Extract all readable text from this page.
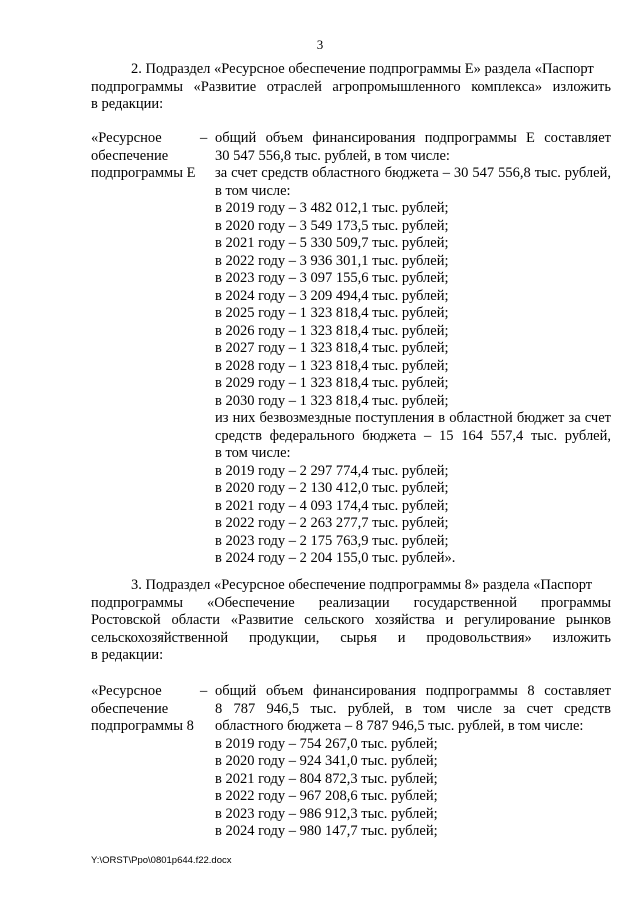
3

2. Подраздел «Ресурсное обеспечение подпрограммы Е» раздела «Паспорт

подпрограммы «Развитие отраслей агропромышленного комплекса» изложить

в редакции:

«Ресурсное
обеспечение
подпрограммы Е
– общий объем финансирования подпрограммы Е составляет
30 547 556,8 тыс. рублей, в том числе:
за счет средств областного бюджета – 30 547 556,8 тыс. рублей,
в том числе:
в 2019 году – 3 482 012,1 тыс. рублей;
в 2020 году – 3 549 173,5 тыс. рублей;
в 2021 году – 5 330 509,7 тыс. рублей;
в 2022 году – 3 936 301,1 тыс. рублей;
в 2023 году – 3 097 155,6 тыс. рублей;
в 2024 году – 3 209 494,4 тыс. рублей;
в 2025 году – 1 323 818,4 тыс. рублей;
в 2026 году – 1 323 818,4 тыс. рублей;
в 2027 году – 1 323 818,4 тыс. рублей;
в 2028 году – 1 323 818,4 тыс. рублей;
в 2029 году – 1 323 818,4 тыс. рублей;
в 2030 году – 1 323 818,4 тыс. рублей;
из них безвозмездные поступления в областной бюджет за счет
средств федерального бюджета – 15 164 557,4 тыс. рублей,
в том числе:
в 2019 году – 2 297 774,4 тыс. рублей;
в 2020 году – 2 130 412,0 тыс. рублей;
в 2021 году – 4 093 174,4 тыс. рублей;
в 2022 году – 2 263 277,7 тыс. рублей;
в 2023 году – 2 175 763,9 тыс. рублей;
в 2024 году – 2 204 155,0 тыс. рублей».

3. Подраздел «Ресурсное обеспечение подпрограммы 8» раздела «Паспорт

подпрограммы «Обеспечение реализации государственной программы

Ростовской области «Развитие сельского хозяйства и регулирование рынков

сельскохозяйственной продукции, сырья и продовольствия» изложить

в редакции:

«Ресурсное
обеспечение
подпрограммы 8
– общий объем финансирования подпрограммы 8 составляет
8 787 946,5 тыс. рублей, в том числе за счет средств
областного бюджета – 8 787 946,5 тыс. рублей, в том числе:
в 2019 году – 754 267,0 тыс. рублей;
в 2020 году – 924 341,0 тыс. рублей;
в 2021 году – 804 872,3 тыс. рублей;
в 2022 году – 967 208,6 тыс. рублей;
в 2023 году – 986 912,3 тыс. рублей;
в 2024 году – 980 147,7 тыс. рублей;
Y:\ORST\Ppo\0801p644.f22.docx
